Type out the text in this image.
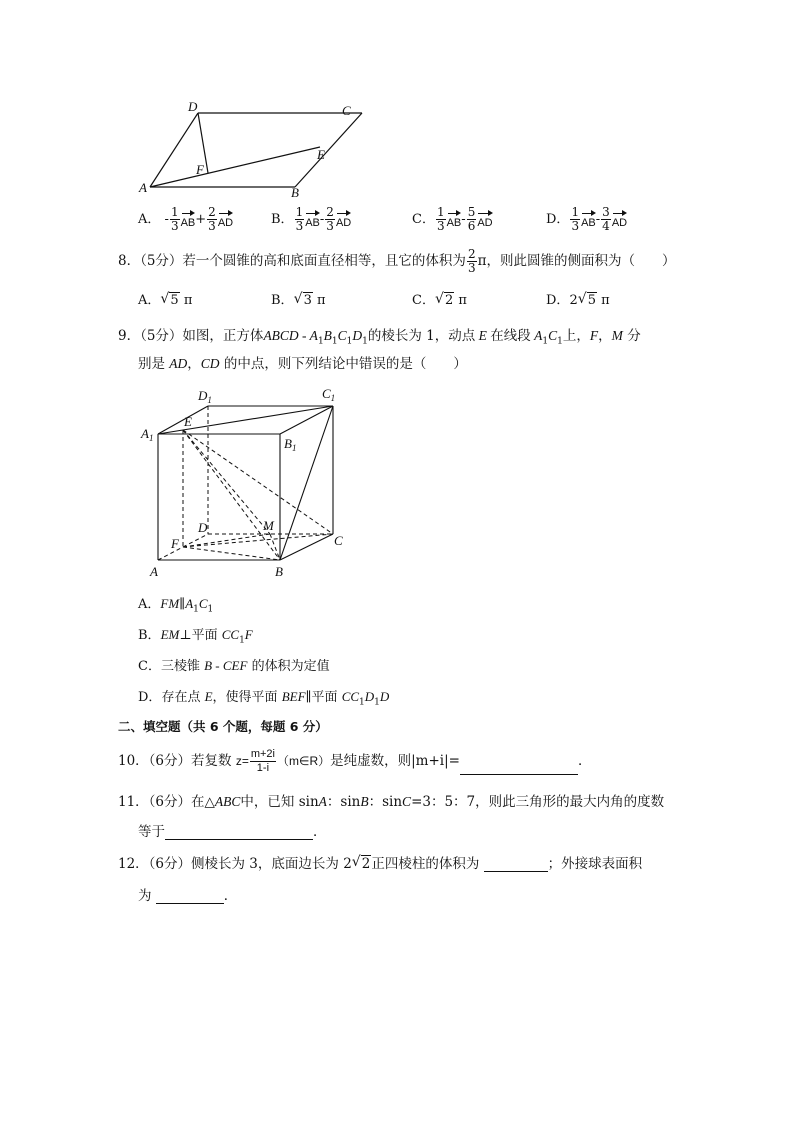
D	C
E
F
A	B
A． - $\frac{1}{3} AB+ \frac{2}{3}$ AD	B． $\frac{1}{3} AB- \frac{2}{3}$ AD	C． $\frac{1}{3} AB- \frac{5}{6}$ AD	D． $\frac{1}{3} AB- \frac{3}{4}$ AD
8．（5分）若一个圆锥的高和底面直径相等，且它的体积为 $\frac{2}{3}$ π，则此圆锥的侧面积为（　　）
A． √ 5 π	B． √ 3 π	C． √ 2 π	D．2 √ 5 π
9．（5分）如图，正方体ABCD - $A_1B_1C_1D_1$的棱长为 1，动点 E 在线段 $A_1C_1$上，F，M 分
别是 AD，CD 的中点，则下列结论中错误的是（　　）
$D_1$	$C_1$
$A_1$
E
$B_1$
D	M
F	C
A	B
A．$FM\parallel A_1C_1$
B．EM⊥平面 $CC_1F$
C．三棱锥 B - CEF 的体积为定值
D．存在点 E，使得平面 BEF∥平面 $CC_1D_1D$
二、填空题（共 6 个题，每题 6 分）
10．（6分）若复数 $z= \frac{m+2i}{1-i}$ （m∈R）是纯虚数，则|m+i|=	．
11．（6分）在△ABC中，已知 sinA：sinB：sinC=3：5：7，则此三角形的最大内角的度数
等于	．
12．（6分）侧棱长为 3，底面边长为 2 √ 2正四棱柱的体积为	；外接球表面积
为	．
